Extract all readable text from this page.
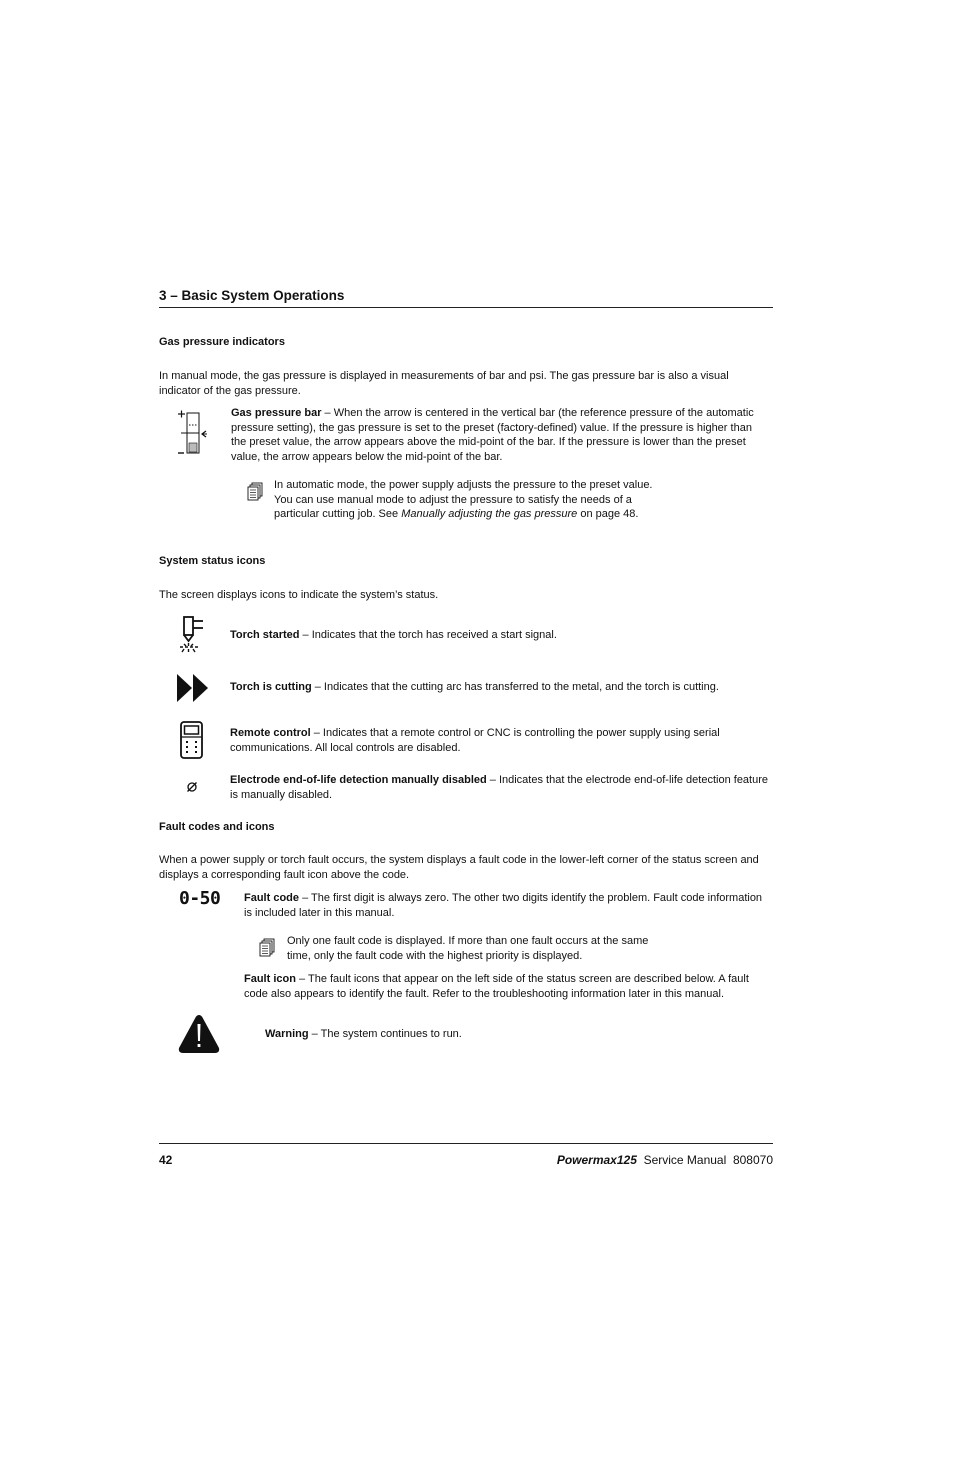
3 – Basic System Operations
Gas pressure indicators
In manual mode, the gas pressure is displayed in measurements of bar and psi. The gas pressure bar is also a visual indicator of the gas pressure.
Gas pressure bar – When the arrow is centered in the vertical bar (the reference pressure of the automatic pressure setting), the gas pressure is set to the preset (factory-defined) value. If the pressure is higher than the preset value, the arrow appears above the mid-point of the bar. If the pressure is lower than the preset value, the arrow appears below the mid-point of the bar.
In automatic mode, the power supply adjusts the pressure to the preset value. You can use manual mode to adjust the pressure to satisfy the needs of a particular cutting job. See Manually adjusting the gas pressure on page 48.
System status icons
The screen displays icons to indicate the system’s status.
Torch started – Indicates that the torch has received a start signal.
Torch is cutting – Indicates that the cutting arc has transferred to the metal, and the torch is cutting.
Remote control – Indicates that a remote control or CNC is controlling the power supply using serial communications. All local controls are disabled.
Electrode end-of-life detection manually disabled – Indicates that the electrode end-of-life detection feature is manually disabled.
Fault codes and icons
When a power supply or torch fault occurs, the system displays a fault code in the lower-left corner of the status screen and displays a corresponding fault icon above the code.
0-50 Fault code – The first digit is always zero. The other two digits identify the problem. Fault code information is included later in this manual.
Only one fault code is displayed. If more than one fault occurs at the same time, only the fault code with the highest priority is displayed.
Fault icon – The fault icons that appear on the left side of the status screen are described below. A fault code also appears to identify the fault. Refer to the troubleshooting information later in this manual.
Warning – The system continues to run.
42	Powermax125 Service Manual 808070
